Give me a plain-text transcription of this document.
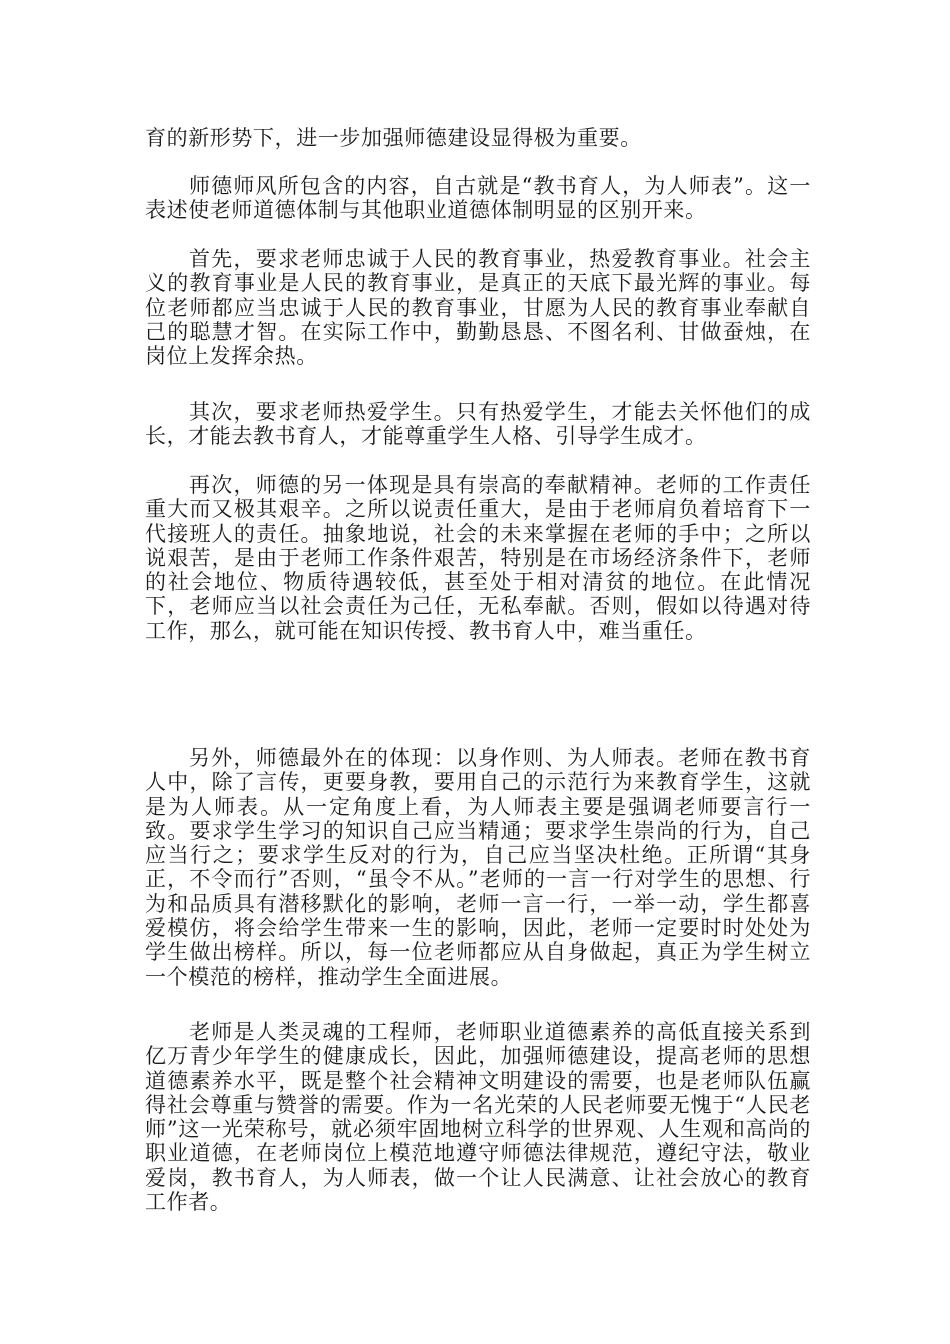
育的新形势下，进一步加强师德建设显得极为重要。

师德师风所包含的内容，自古就是“教书育人，为人师表”。这一表述使老师道德体制与其他职业道德体制明显的区别开来。

首先，要求老师忠诚于人民的教育事业，热爱教育事业。社会主义的教育事业是人民的教育事业，是真正的天底下最光辉的事业。每位老师都应当忠诚于人民的教育事业，甘愿为人民的教育事业奉献自己的聪慧才智。在实际工作中，勤勤恳恳、不图名利、甘做蚕烛，在岗位上发挥余热。

其次，要求老师热爱学生。只有热爱学生，才能去关怀他们的成长，才能去教书育人，才能尊重学生人格、引导学生成才。

再次，师德的另一体现是具有崇高的奉献精神。老师的工作责任重大而又极其艰辛。之所以说责任重大，是由于老师肩负着培育下一代接班人的责任。抽象地说，社会的未来掌握在老师的手中；之所以说艰苦，是由于老师工作条件艰苦，特别是在市场经济条件下，老师的社会地位、物质待遇较低，甚至处于相对清贫的地位。在此情况下，老师应当以社会责任为己任，无私奉献。否则，假如以待遇对待工作，那么，就可能在知识传授、教书育人中，难当重任。

另外，师德最外在的体现：以身作则、为人师表。老师在教书育人中，除了言传，更要身教，要用自己的示范行为来教育学生，这就是为人师表。从一定角度上看，为人师表主要是强调老师要言行一致。要求学生学习的知识自己应当精通；要求学生崇尚的行为，自己应当行之；要求学生反对的行为，自己应当坚决杜绝。正所谓“其身正，不令而行”否则，“虽令不从。”老师的一言一行对学生的思想、行为和品质具有潜移默化的影响，老师一言一行，一举一动，学生都喜爱模仿，将会给学生带来一生的影响，因此，老师一定要时时处处为学生做出榜样。所以，每一位老师都应从自身做起，真正为学生树立一个模范的榜样，推动学生全面进展。

老师是人类灵魂的工程师，老师职业道德素养的高低直接关系到亿万青少年学生的健康成长，因此，加强师德建设，提高老师的思想道德素养水平，既是整个社会精神文明建设的需要，也是老师队伍赢得社会尊重与赞誉的需要。作为一名光荣的人民老师要无愧于“人民老师”这一光荣称号，就必须牢固地树立科学的世界观、人生观和高尚的职业道德，在老师岗位上模范地遵守师德法律规范，遵纪守法，敬业爱岗，教书育人，为人师表，做一个让人民满意、让社会放心的教育工作者。
